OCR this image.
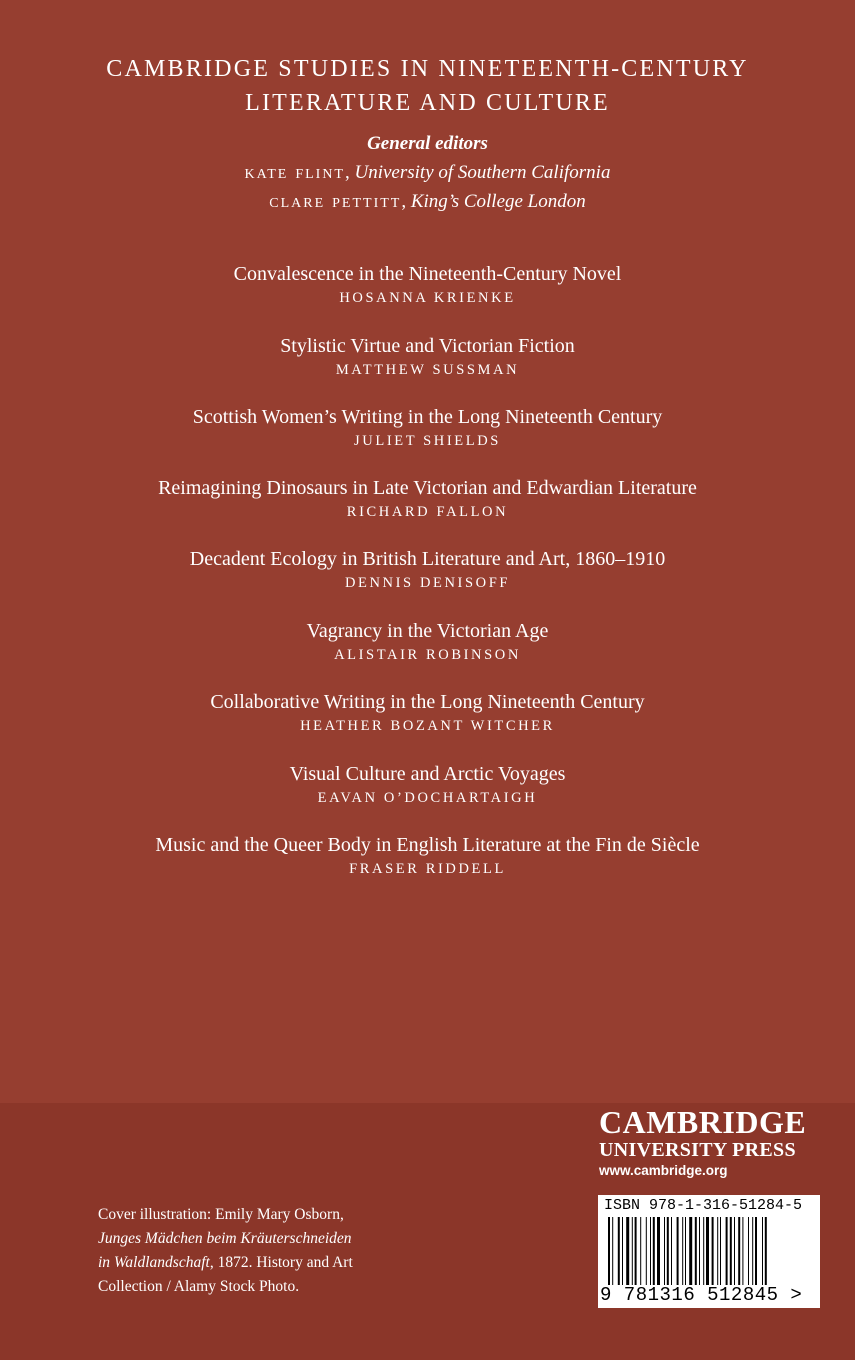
CAMBRIDGE STUDIES IN NINETEENTH-CENTURY
LITERATURE AND CULTURE
General editors
kate flint, University of Southern California
clare pettitt, King’s College London
Convalescence in the Nineteenth-Century Novel
HOSANNA KRIENKE
Stylistic Virtue and Victorian Fiction
MATTHEW SUSSMAN
Scottish Women’s Writing in the Long Nineteenth Century
JULIET SHIELDS
Reimagining Dinosaurs in Late Victorian and Edwardian Literature
RICHARD FALLON
Decadent Ecology in British Literature and Art, 1860–1910
DENNIS DENISOFF
Vagrancy in the Victorian Age
ALISTAIR ROBINSON
Collaborative Writing in the Long Nineteenth Century
HEATHER BOZANT WITCHER
Visual Culture and Arctic Voyages
EAVAN O’DOCHARTAIGH
Music and the Queer Body in English Literature at the Fin de Siècle
FRASER RIDDELL
CAMBRIDGE
UNIVERSITY PRESS
www.cambridge.org
Cover illustration: Emily Mary Osborn,
Junges Mädchen beim Kräuterschneiden
in Waldlandschaft, 1872. History and Art
Collection / Alamy Stock Photo.
ISBN 978-1-316-51284-5
9 781316 512845 >
